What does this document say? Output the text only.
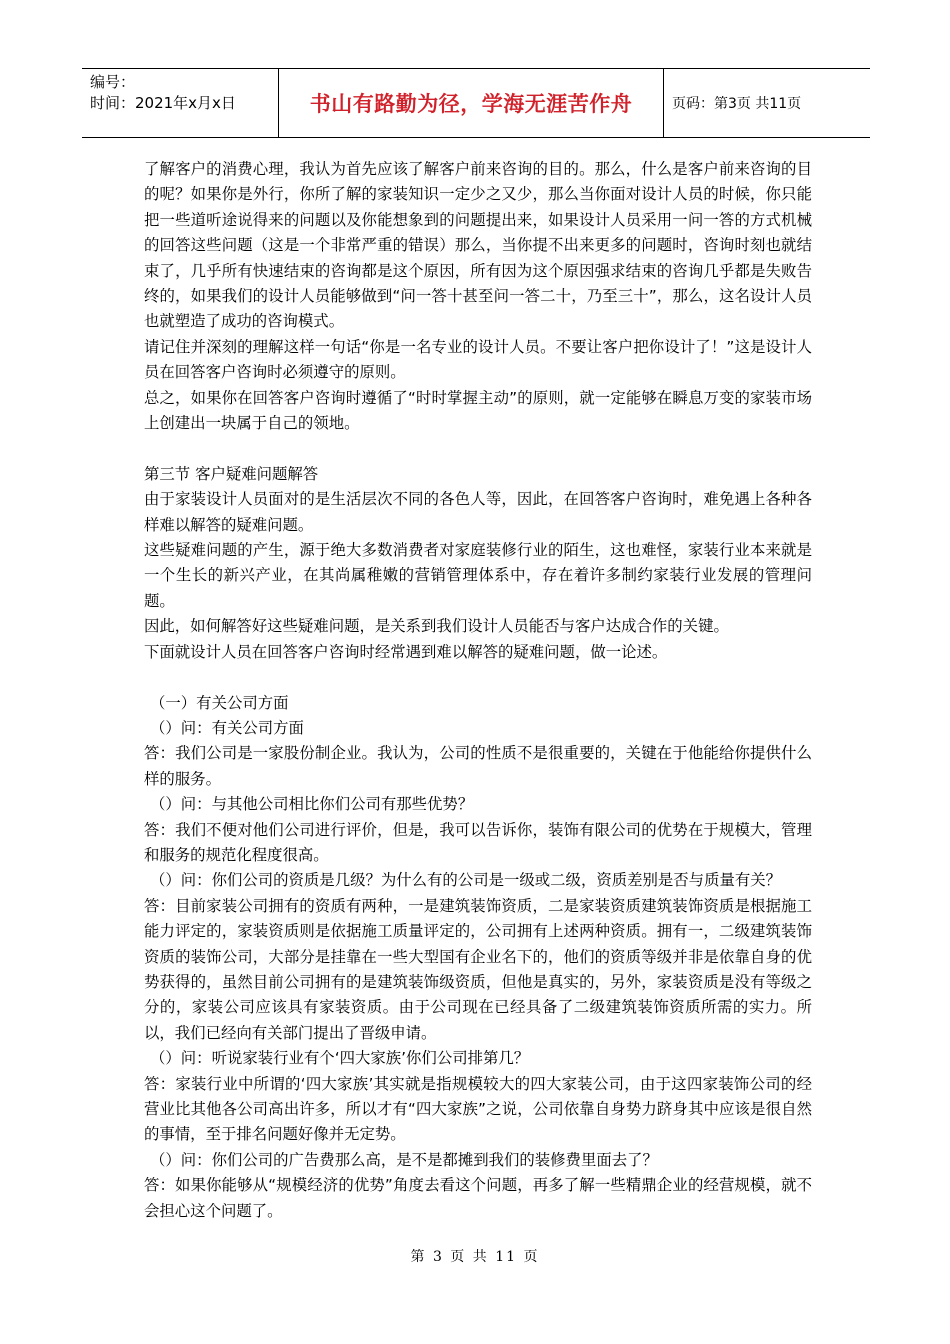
编号：
时间：2021年x月x日	书山有路勤为径，学海无涯苦作舟	页码：第3页 共11页

了解客户的消费心理，我认为首先应该了解客户前来咨询的目的。那么，什么是客户前来咨询的目的呢？如果你是外行，你所了解的家装知识一定少之又少，那么当你面对设计人员的时候，你只能把一些道听途说得来的问题以及你能想象到的问题提出来，如果设计人员采用一问一答的方式机械的回答这些问题（这是一个非常严重的错误）那么，当你提不出来更多的问题时，咨询时刻也就结束了，几乎所有快速结束的咨询都是这个原因，所有因为这个原因强求结束的咨询几乎都是失败告终的，如果我们的设计人员能够做到“问一答十甚至问一答二十，乃至三十”，那么，这名设计人员也就塑造了成功的咨询模式。

请记住并深刻的理解这样一句话“你是一名专业的设计人员。不要让客户把你设计了！”这是设计人员在回答客户咨询时必须遵守的原则。

总之，如果你在回答客户咨询时遵循了“时时掌握主动”的原则，就一定能够在瞬息万变的家装市场上创建出一块属于自己的领地。

第三节 客户疑难问题解答

由于家装设计人员面对的是生活层次不同的各色人等，因此，在回答客户咨询时，难免遇上各种各样难以解答的疑难问题。

这些疑难问题的产生，源于绝大多数消费者对家庭装修行业的陌生，这也难怪，家装行业本来就是一个生长的新兴产业，在其尚属稚嫩的营销管理体系中，存在着许多制约家装行业发展的管理问题。

因此，如何解答好这些疑难问题，是关系到我们设计人员能否与客户达成合作的关键。

下面就设计人员在回答客户咨询时经常遇到难以解答的疑难问题，做一论述。

（一）有关公司方面

（）问：有关公司方面

答：我们公司是一家股份制企业。我认为，公司的性质不是很重要的，关键在于他能给你提供什么样的服务。

（）问：与其他公司相比你们公司有那些优势？

答：我们不便对他们公司进行评价，但是，我可以告诉你，装饰有限公司的优势在于规模大，管理和服务的规范化程度很高。

（）问：你们公司的资质是几级？为什么有的公司是一级或二级，资质差别是否与质量有关？

答：目前家装公司拥有的资质有两种，一是建筑装饰资质，二是家装资质建筑装饰资质是根据施工能力评定的，家装资质则是依据施工质量评定的，公司拥有上述两种资质。拥有一，二级建筑装饰资质的装饰公司，大部分是挂靠在一些大型国有企业名下的，他们的资质等级并非是依靠自身的优势获得的，虽然目前公司拥有的是建筑装饰级资质，但他是真实的，另外，家装资质是没有等级之分的，家装公司应该具有家装资质。由于公司现在已经具备了二级建筑装饰资质所需的实力。所以，我们已经向有关部门提出了晋级申请。

（）问：听说家装行业有个‘四大家族’你们公司排第几？

答：家装行业中所谓的‘四大家族’其实就是指规模较大的四大家装公司，由于这四家装饰公司的经营业比其他各公司高出许多，所以才有“四大家族”之说，公司依靠自身势力跻身其中应该是很自然的事情，至于排名问题好像并无定势。

（）问：你们公司的广告费那么高，是不是都摊到我们的装修费里面去了？

答：如果你能够从“规模经济的优势”角度去看这个问题，再多了解一些精鼎企业的经营规模，就不会担心这个问题了。

第 3 页 共 11 页
